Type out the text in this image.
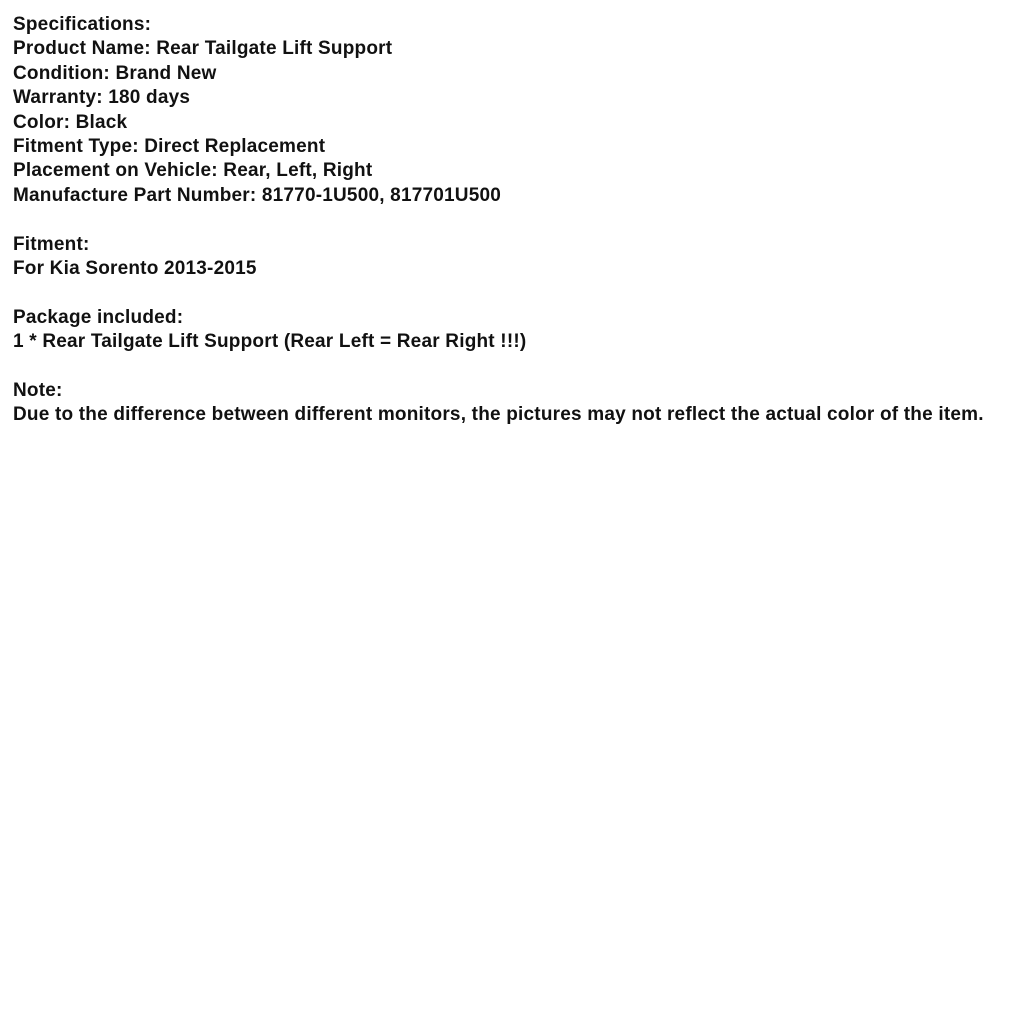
Specifications:
Product Name: Rear Tailgate Lift Support
Condition: Brand New
Warranty: 180 days
Color: Black
Fitment Type: Direct Replacement
Placement on Vehicle: Rear, Left, Right
Manufacture Part Number: 81770-1U500, 817701U500
Fitment:
For Kia Sorento 2013-2015
Package included:
1 * Rear Tailgate Lift Support (Rear Left = Rear Right !!!)
Note:
Due to the difference between different monitors, the pictures may not reflect the actual color of the item.
